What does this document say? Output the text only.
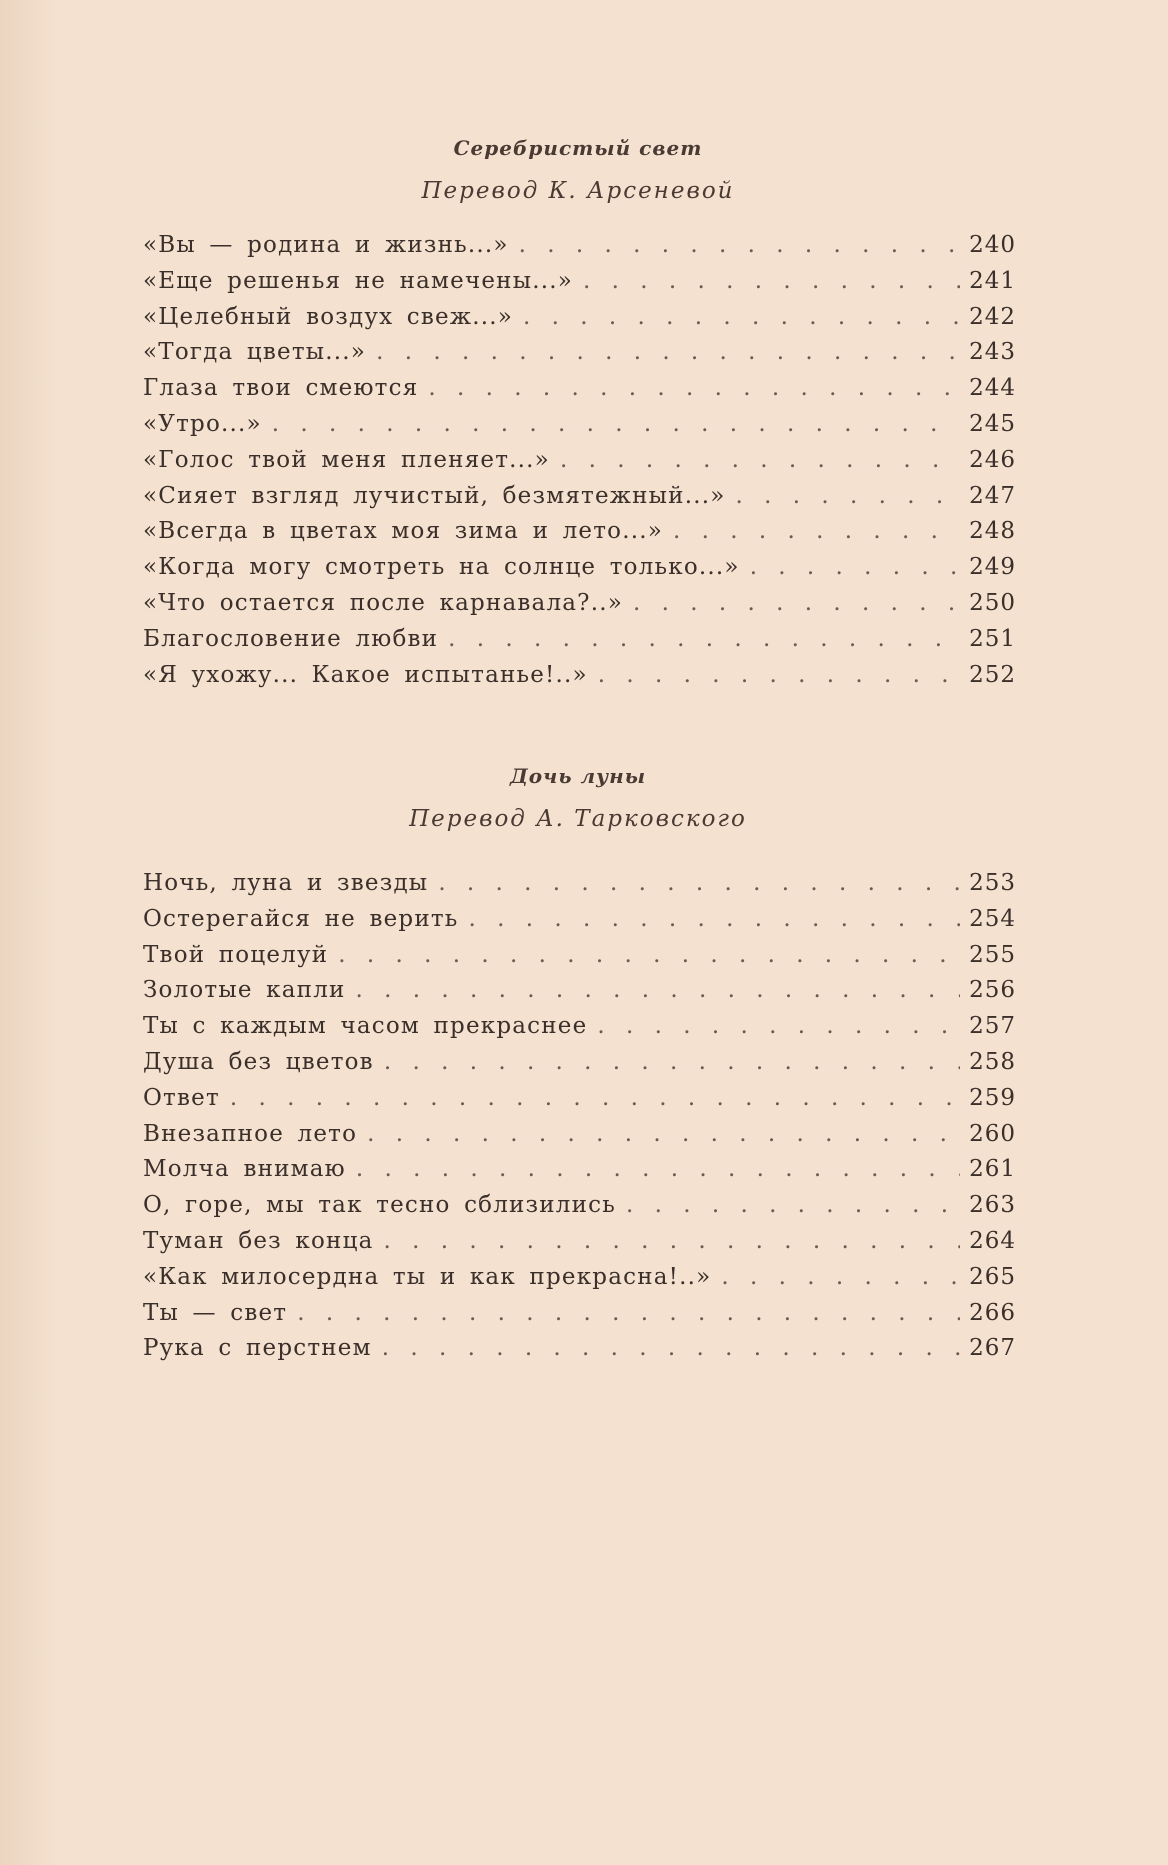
Серебристый свет
Перевод К. Арсеневой
«Вы — родина и жизнь...» . . .	240
«Еще решенья не намечены...» . . .	241
«Целебный воздух свеж...» . . .	242
«Тогда цветы...» . . .	243
Глаза твои смеются . . .	244
«Утро...» . . .	245
«Голос твой меня пленяет...» . . .	246
«Сияет взгляд лучистый, безмятежный...» . . .	247
«Всегда в цветах моя зима и лето...» . . .	248
«Когда могу смотреть на солнце только...» . . .	249
«Что остается после карнавала?..» . . .	250
Благословение любви . . .	251
«Я ухожу... Какое испытанье!..» . . .	252
Дочь луны
Перевод А. Тарковского
Ночь, луна и звезды . . .	253
Остерегайся не верить . . .	254
Твой поцелуй . . .	255
Золотые капли . . .	256
Ты с каждым часом прекраснее . . .	257
Душа без цветов . . .	258
Ответ . . .	259
Внезапное лето . . .	260
Молча внимаю . . .	261
О, горе, мы так тесно сблизились . . .	263
Туман без конца . . .	264
«Как милосердна ты и как прекрасна!..» . . .	265
Ты — свет . . .	266
Рука с перстнем . . .	267
